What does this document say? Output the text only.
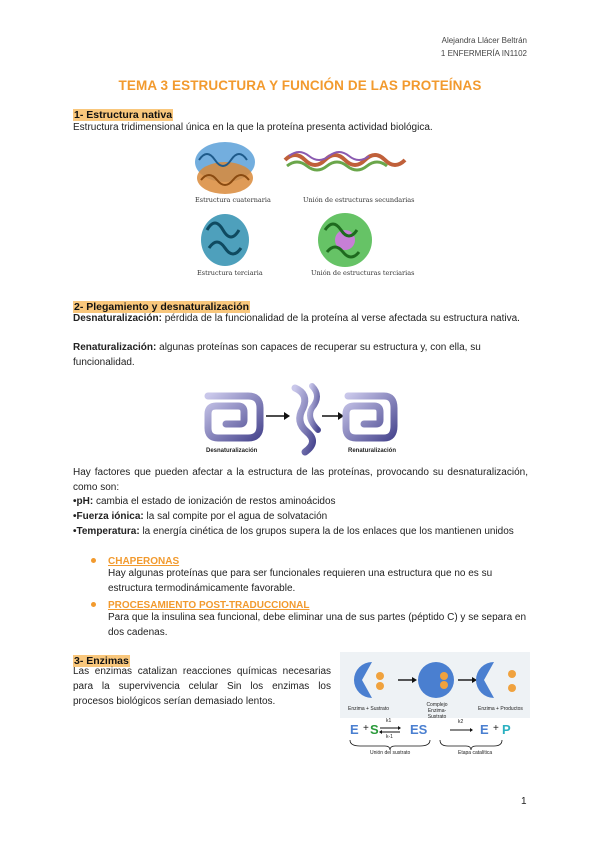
Alejandra Llácer Beltrán
1 ENFERMERÍA IN1102
TEMA 3 ESTRUCTURA Y FUNCIÓN DE LAS PROTEÍNAS
1- Estructura nativa
Estructura tridimensional única en la que la proteína presenta actividad biológica.
Estructura cuaternaria	Unión de estructuras secundarias
Estructura terciaria	Unión de estructuras terciarias
2- Plegamiento y desnaturalización
Desnaturalización: pérdida de la funcionalidad de la proteína al verse afectada su estructura nativa.
Renaturalización: algunas proteínas son capaces de recuperar su estructura y, con ella, su funcionalidad.
Desnaturalización	Renaturalización
Hay factores que pueden afectar a la estructura de las proteínas, provocando su desnaturalización, como son:
•pH: cambia el estado de ionización de restos aminoácidos
•Fuerza iónica: la sal compite por el agua de solvatación
•Temperatura: la energía cinética de los grupos supera la de los enlaces que los mantienen unidos
CHAPERONAS
Hay algunas proteínas que para ser funcionales requieren una estructura que no es su estructura termodinámicamente favorable.
PROCESAMIENTO POST-TRADUCCIONAL
Para que la insulina sea funcional, debe eliminar una de sus partes (péptido C) y se separa en dos cadenas.
3- Enzimas
Las enzimas catalizan reacciones químicas necesarias para la supervivencia celular Sin los enzimas los procesos biológicos serían demasiado lentos.
Enzima + Sustrato
Complejo Enzima-Sustrato
Enzima + Productos
E + S
k1
k-1 ES	k2 E + P
Unión del sustrato	Etapa catalítica
1
